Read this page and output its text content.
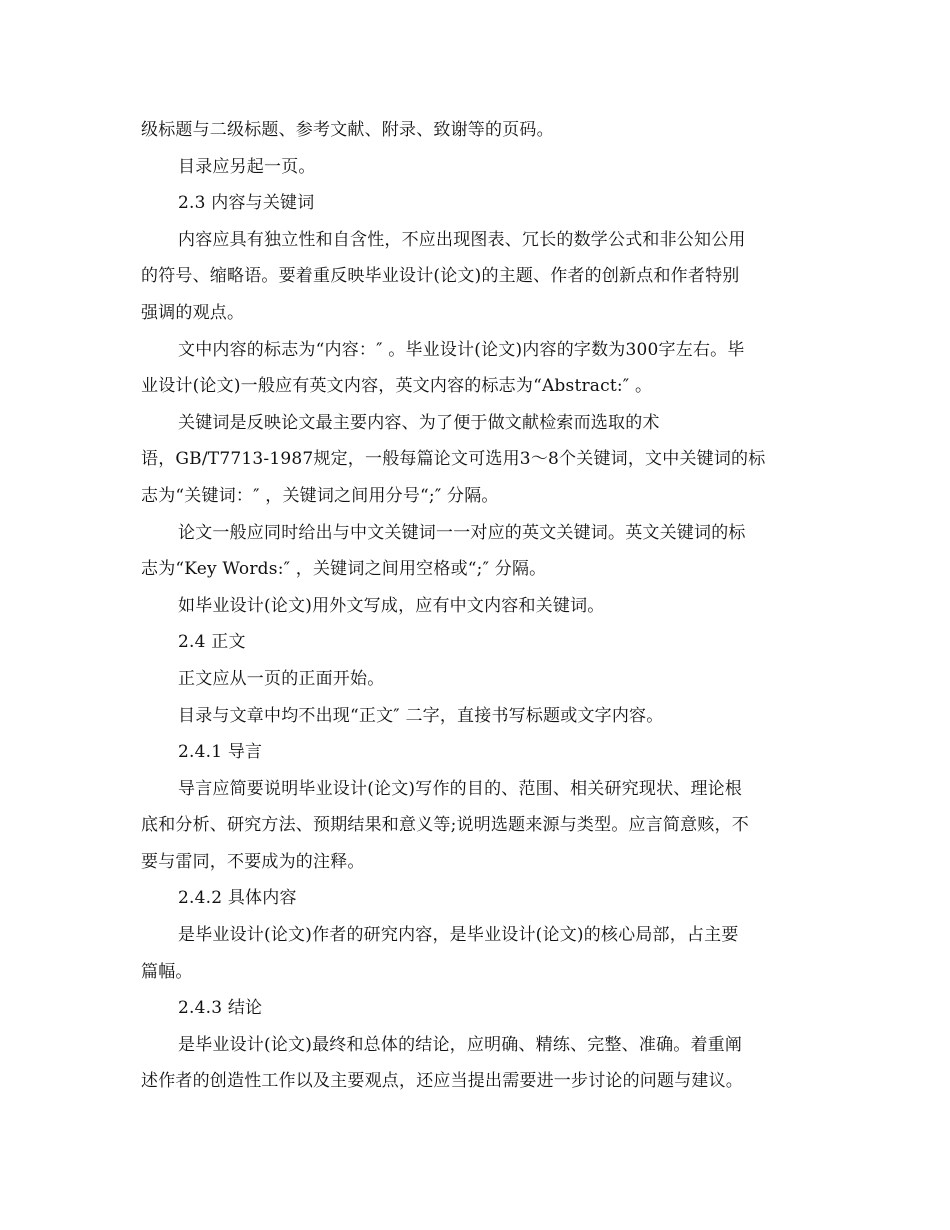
级标题与二级标题、参考文献、附录、致谢等的页码。
目录应另起一页。
2.3 内容与关键词
内容应具有独立性和自含性，不应出现图表、冗长的数学公式和非公知公用
的符号、缩略语。要着重反映毕业设计(论文)的主题、作者的创新点和作者特别
强调的观点。
文中内容的标志为“内容：″ 。毕业设计(论文)内容的字数为300字左右。毕
业设计(论文)一般应有英文内容，英文内容的标志为“Abstract:″ 。
关键词是反映论文最主要内容、为了便于做文献检索而选取的术
语，GB/T7713-1987规定，一般每篇论文可选用3～8个关键词，文中关键词的标
志为“关键词：″ ，关键词之间用分号“;″ 分隔。
论文一般应同时给出与中文关键词一一对应的英文关键词。英文关键词的标
志为“Key Words:″ ，关键词之间用空格或“;″ 分隔。
如毕业设计(论文)用外文写成，应有中文内容和关键词。
2.4 正文
正文应从一页的正面开始。
目录与文章中均不出现“正文″ 二字，直接书写标题或文字内容。
2.4.1 导言
导言应简要说明毕业设计(论文)写作的目的、范围、相关研究现状、理论根
底和分析、研究方法、预期结果和意义等;说明选题来源与类型。应言简意赅，不
要与雷同，不要成为的注释。
2.4.2 具体内容
是毕业设计(论文)作者的研究内容，是毕业设计(论文)的核心局部，占主要
篇幅。
2.4.3 结论
是毕业设计(论文)最终和总体的结论，应明确、精练、完整、准确。着重阐
述作者的创造性工作以及主要观点，还应当提出需要进一步讨论的问题与建议。
